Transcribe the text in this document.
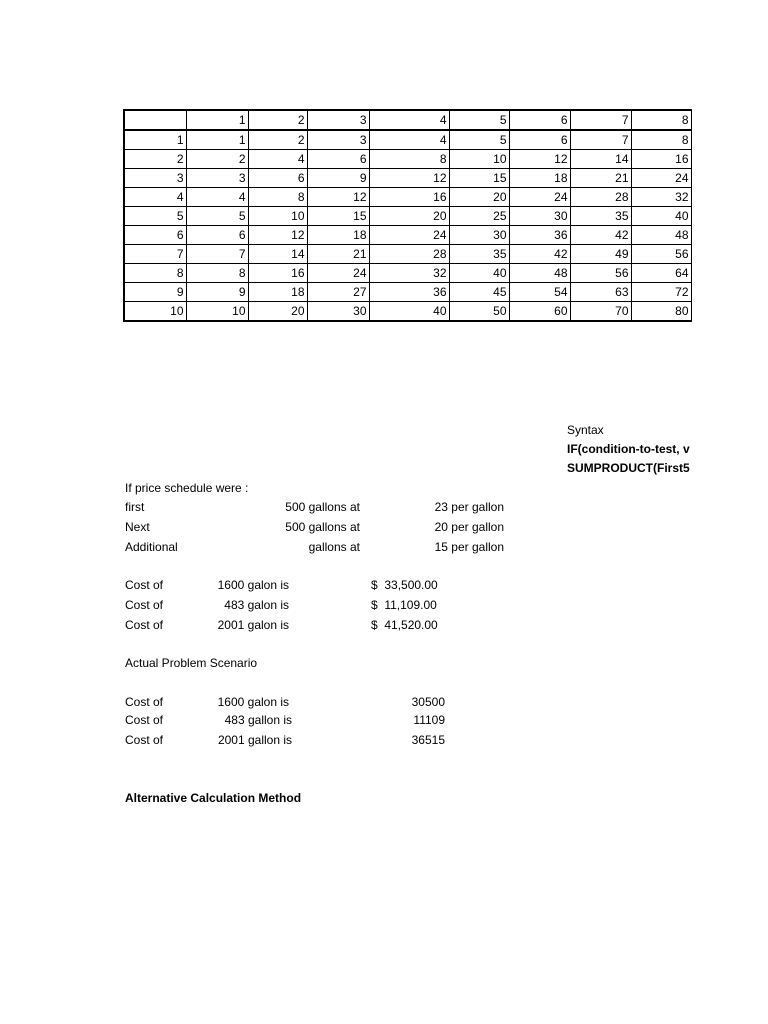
	1	2	3	4	5	6	7	8
1	1	2	3	4	5	6	7	8
2	2	4	6	8	10	12	14	16
3	3	6	9	12	15	18	21	24
4	4	8	12	16	20	24	28	32
5	5	10	15	20	25	30	35	40
6	6	12	18	24	30	36	42	48
7	7	14	21	28	35	42	49	56
8	8	16	24	32	40	48	56	64
9	9	18	27	36	45	54	63	72
10	10	20	30	40	50	60	70	80
Syntax
IF(condition-to-test, v
SUMPRODUCT(First5
If price schedule were :
first	500 gallons at	23 per gallon
Next	500 gallons at	20 per gallon
Additional	gallons at	15 per gallon
Cost of	1600 galon is	$  33,500.00
Cost of	483 galon is	$  11,109.00
Cost of	2001 galon is	$  41,520.00
Actual Problem Scenario
Cost of	1600 galon is	30500
Cost of	483 gallon is	11109
Cost of	2001 gallon is	36515
Alternative Calculation Method
